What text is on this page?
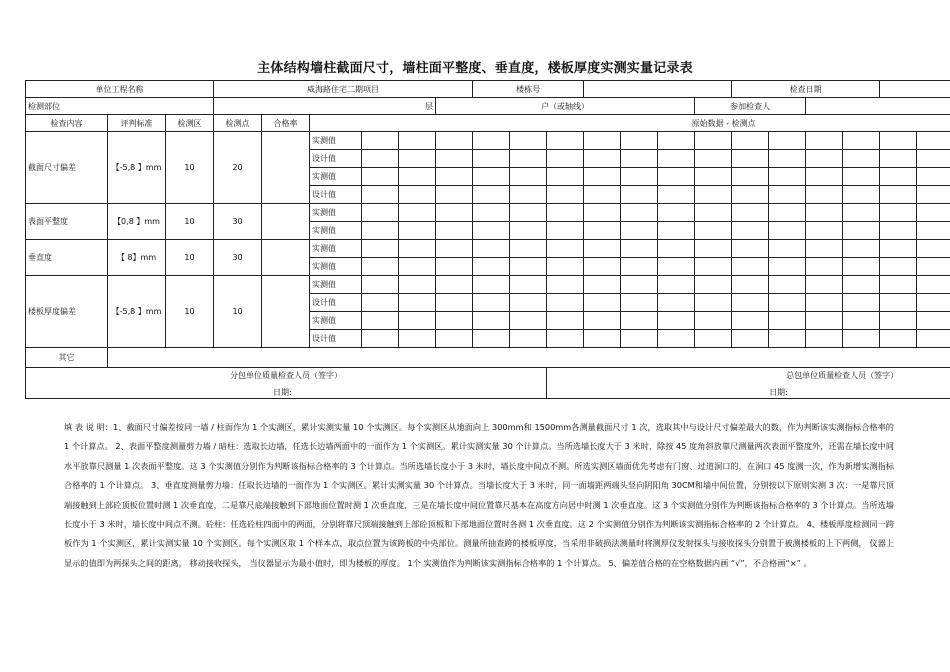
主体结构墙柱截面尺寸，墙柱面平整度、垂直度，楼板厚度实测实量记录表
单位工程名称			威海路住宅二期项目						楼栋号							检查日期										
检测部位			层					户（或轴线）							参加检查人											
检查内容	评判标准	检测区	检测点	合格率	原始数据 - 检测点																					
截面尺寸偏差	【-5,8 】mm	10	20		实测值																					
					设计值																					
					实测值																					
					设计值																					
表面平整度	【0,8 】mm	10	30		实测值																					
					实测值																					
垂直度	【 8】mm	10	30		实测值																					
					实测值																					
楼板厚度偏差	【-5,8 】mm	10	10		实测值																					
					设计值																					
					实测值																					
					设计值																					
其它																										

分包单位质量检查人员（签字）
日期:											总包单位质量检查人员（签字）
日期:															
填 表 说 明：1、截面尺寸偏差按同一墙 / 柱面作为 1 个实测区，累计实测实量 10 个实测区。每个实测区从地面向上 300mm和 1500mm各测量截面尺寸 1 次，选取其中与设计尺寸偏差最大的数，作为判断该实测指标合格率的 1 个计算点。 2、表面平整度测量剪力墙 / 暗柱：选取长边墙，任选长边墙两面中的一面作为 1 个实测区。累计实测实量 30 个计算点。当所选墙长度大于 3 米时，除按 45 度角斜放靠尺测量两次表面平整度外，还需在墙长度中间水平放靠尺测量 1 次表面平整度。这 3 个实测值分别作为判断该指标合格率的 3 个计算点。当所选墙长度小于 3 米时，墙长度中间点不测。所选实测区墙面优先考虑有门窗、过道洞口的，在洞口 45 度测一次，作为新增实测指标合格率的 1 个计算点。 3、垂直度测量剪力墙：任取长边墙的一面作为 1 个实测区。累计实测实量 30 个计算点。当墙长度大于 3 米时，同一面墙距两端头竖向阴阳角 30CM和墙中间位置，分别按以下原则实测 3 次：一是靠尺顶端接触到上部砼顶板位置时测 1 次垂直度，二是靠尺底端接触到下部地面位置时测 1 次垂直度，三是在墙长度中间位置靠尺基本在高度方向居中时测 1 次垂直度。这 3 个实测值分别作为判断该指标合格率的 3 个计算点。当所选墙长度小于 3 米时，墙长度中间点不测。砼柱：任选砼柱四面中的两面，分别将靠尺顶端接触到上部砼顶板和下部地面位置时各测 1 次垂直度。这 2 个实测值分别作为判断该实测指标合格率的 2 个计算点。 4、楼板厚度检测同一跨板作为 1 个实测区，累计实测实量 10 个实测区。每个实测区取 1 个样本点，取点位置为该跨板的中央部位。测量所抽查跨的楼板厚度，当采用非破损法测量时将测厚仪发射探头与接收探头分别置于被测楼板的上下两侧， 仪器上显示的值即为两探头之间的距离， 移动接收探头， 当仪器显示为最小值时，即为楼板的厚度。 1个 实测值作为判断该实测指标合格率的 1 个计算点。 5、偏差值合格的在空格数据内画 “√”，不合格画“×” 。
